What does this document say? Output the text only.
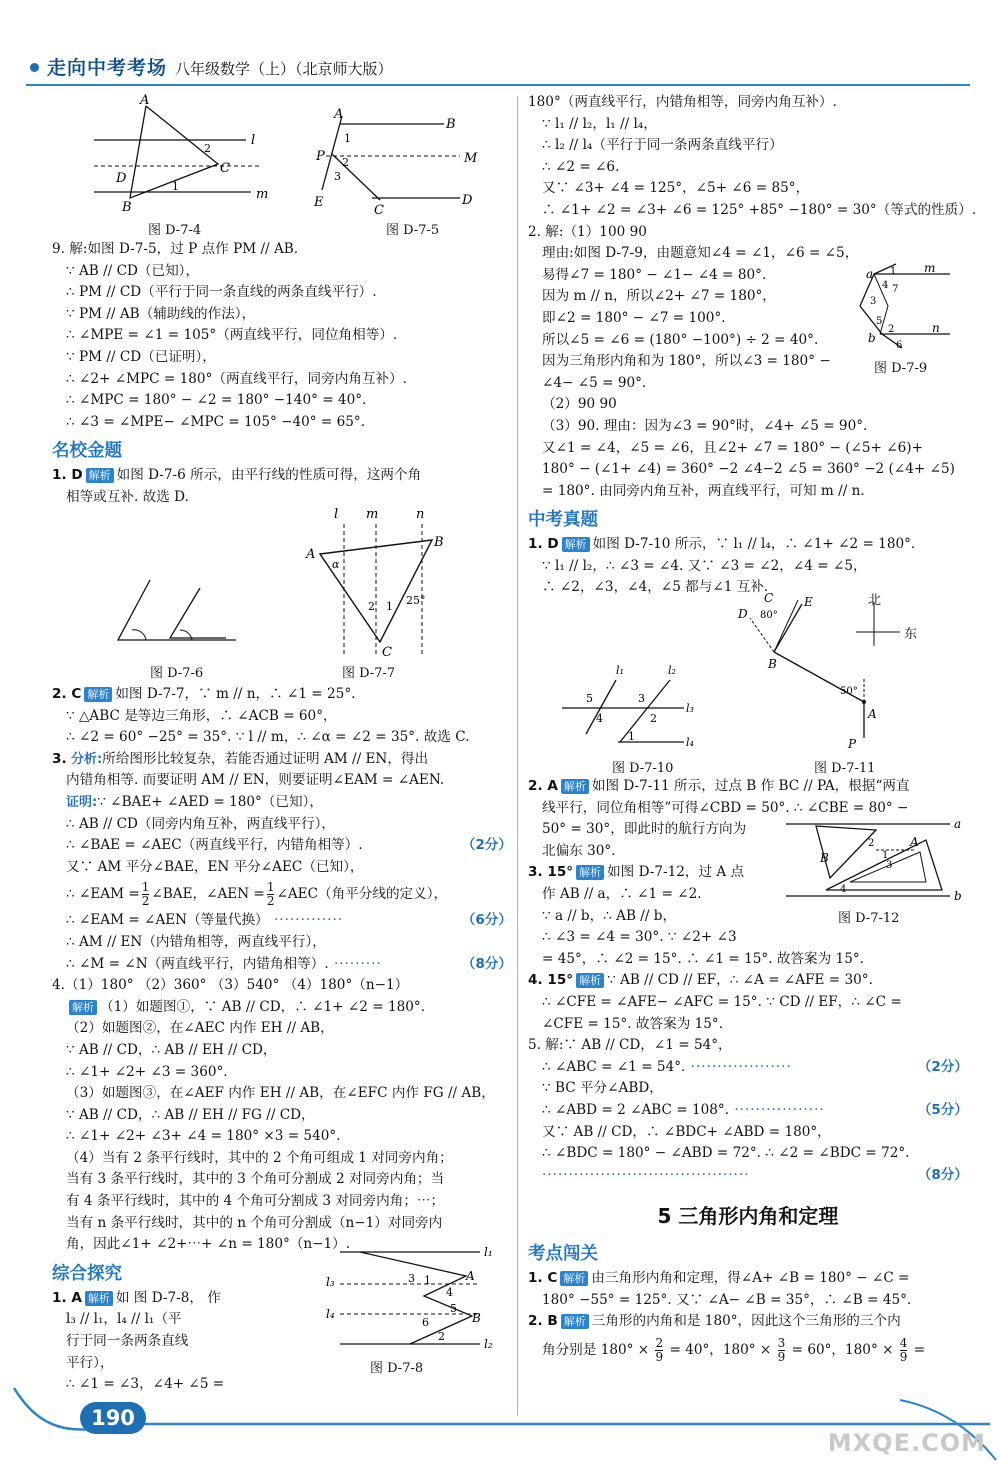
走向中考考场 八年级数学（上）（北京师大版）
A
l
D
C
B
m
2
1
图 D-7-4
A
B
P	M
E
C
D
1
2
3
图 D-7-5
9. 解:如图 D-7-5，过 P 点作 PM // AB.
∵ AB // CD（已知），
∴ PM // CD（平行于同一条直线的两条直线平行）.
∵ PM // AB（辅助线的作法），
∴ ∠MPE = ∠1 = 105°（两直线平行，同位角相等）.
∵ PM // CD（已证明），
∴ ∠2+ ∠MPC = 180°（两直线平行，同旁内角互补）.
∴ ∠MPC = 180° − ∠2 = 180° −140° = 40°.
∴ ∠3 = ∠MPE− ∠MPC = 105° −40° = 65°.
名校金题
1. D 解析 如图 D-7-6 所示，由平行线的性质可得，这两个角
相等或互补. 故选 D.
图 D-7-6
l m	n
A
B
C
α
2 1 25°
图 D-7-7
2. C 解析 如图 D-7-7，∵ m // n，∴ ∠1 = 25°.
∵ △ABC 是等边三角形，∴ ∠ACB = 60°，
∴ ∠2 = 60° −25° = 35°. ∵ l // m，∴ ∠α = ∠2 = 35°. 故选 C.
3. 分析:所给图形比较复杂，若能否通过证明 AM // EN，得出
内错角相等. 而要证明 AM // EN，则要证明∠EAM = ∠AEN.
证明:∵ ∠BAE+ ∠AED = 180°（已知），
∴ AB // CD（同旁内角互补，两直线平行），
∴ ∠BAE = ∠AEC（两直线平行，内错角相等）.	（2分）
又∵ AM 平分∠BAE，EN 平分∠AEC（已知），
∴ ∠EAM = $\frac{1}{2}$ ∠BAE，∠AEN = $\frac{1}{2}$ ∠AEC（角平分线的定义），
∴ ∠EAM = ∠AEN（等量代换） ·············	（6分）
∴ AM // EN（内错角相等，两直线平行），
∴ ∠M = ∠N（两直线平行，内错角相等）. ·········	（8分）
4.（1）180° （2）360° （3）540° （4）180°（n−1）
解析 （1）如题图①，∵ AB // CD，∴ ∠1+ ∠2 = 180°.
（2）如题图②，在∠AEC 内作 EH // AB，
∵ AB // CD，∴ AB // EH // CD，
∴ ∠1+ ∠2+ ∠3 = 360°.
（3）如题图③，在∠AEF 内作 EH // AB，在∠EFC 内作 FG // AB，
∵ AB // CD，∴ AB // EH // FG // CD，
∴ ∠1+ ∠2+ ∠3+ ∠4 = 180° ×3 = 540°.
（4）当有 2 条平行线时，其中的 2 个角可组成 1 对同旁内角；
当有 3 条平行线时，其中的 3 个角可分割成 2 对同旁内角；当
有 4 条平行线时，其中的 4 个角可分割成 3 对同旁内角；⋯；
当有 n 条平行线时，其中的 n 个角可分割成（n−1）对同旁内
角，因此∠1+ ∠2+⋯+ ∠n = 180°（n−1）.
综合探究
1. A 解析 如 图 D-7-8， 作
l₃ // l₁，l₄ // l₁（平
行于同一条两条直线
平行），
∴ ∠1 = ∠3，∠4+ ∠5 =
l₁
l₃
l₄
l₂
A
B
3 1
4
5
6
2
图 D-7-8
180°（两直线平行，内错角相等，同旁内角互补）.
∵ l₁ // l₂，l₁ // l₄，
∴ l₂ // l₄（平行于同一条两条直线平行）
∴ ∠2 = ∠6.
又∵ ∠3+ ∠4 = 125°，∠5+ ∠6 = 85°，
∴ ∠1+ ∠2 = ∠3+ ∠6 = 125° +85° −180° = 30°（等式的性质）.
2. 解:（1）100 90
理由:如图 D-7-9，由题意知∠4 = ∠1，∠6 = ∠5，
易得∠7 = 180° − ∠1− ∠4 = 80°.
因为 m // n，所以∠2+ ∠7 = 180°，
即∠2 = 180° − ∠7 = 100°.
所以∠5 = ∠6 = (180° −100°) ÷ 2 = 40°.
因为三角形内角和为 180°，所以∠3 = 180° −
∠4− ∠5 = 90°.
（2）90 90
（3）90. 理由：因为∠3 = 90°时，∠4+ ∠5 = 90°.
又∠1 = ∠4，∠5 = ∠6，且∠2+ ∠7 = 180° − (∠5+ ∠6)+
180° − (∠1+ ∠4) = 360° −2 ∠4−2 ∠5 = 360° −2 (∠4+ ∠5)
= 180°. 由同旁内角互补，两直线平行，可知 m // n.
中考真题
1. D 解析 如图 D-7-10 所示，∵ l₁ // l₄，∴ ∠1+ ∠2 = 180°.
∵ l₁ // l₂，∴ ∠3 = ∠4. 又∵ ∠3 = ∠2，∠4 = ∠5，
∴ ∠2，∠3，∠4，∠5 都与∠1 互补.
a	m
b
n
1
4 7
3
5
2
6
图 D-7-9
l₁	l₂
l₃
l₄
5
4
3
2
1
图 D-7-10
C	E
D 80°
B
A
P
50°
北
东
图 D-7-11
2. A 解析 如图 D-7-11 所示，过点 B 作 BC // PA，根据“两直
线平行，同位角相等”可得∠CBD = 50°. ∴ ∠CBE = 80° −
50° = 30°，即此时的航行方向为
北偏东 30°.
3. 15° 解析 如图 D-7-12，过 A 点
作 AB // a，∴ ∠1 = ∠2.
∵ a // b，∴ AB // b，
∴ ∠3 = ∠4 = 30°. ∵ ∠2+ ∠3
= 45°，∴ ∠2 = 15°. ∴ ∠1 = 15°. 故答案为 15°.
4. 15° 解析 ∵ AB // CD // EF，∴ ∠A = ∠AFE = 30°.
∴ ∠CFE = ∠AFE− ∠AFC = 15°. ∵ CD // EF，∴ ∠C =
∠CFE = 15°. 故答案为 15°.
5. 解:∵ AB // CD，∠1 = 54°，
∴ ∠ABC = ∠1 = 54°. ···················	（2分）
∵ BC 平分∠ABD，
∴ ∠ABD = 2 ∠ABC = 108°. ·················	（5分）
又∵ AB // CD，∴ ∠BDC+ ∠ABD = 180°，
∴ ∠BDC = 180° − ∠ABD = 72°. ∴ ∠2 = ∠BDC = 72°.
·······································	（8分）
5 三角形内角和定理
考点闯关
1. C 解析 由三角形内角和定理，得∠A+ ∠B = 180° − ∠C =
180° −55° = 125°. 又∵ ∠A− ∠B = 35°，∴ ∠B = 45°.
2. B 解析 三角形的内角和是 180°，因此这个三角形的三个内
角分别是 $180^\circ \times \frac{2}{9} = 40^\circ$，$180^\circ \times \frac{3}{9} = 60^\circ$，$180^\circ \times \frac{4}{9}$ =
a
b
A
B
2
1
3
4
图 D-7-12
190
MXQE.COM
